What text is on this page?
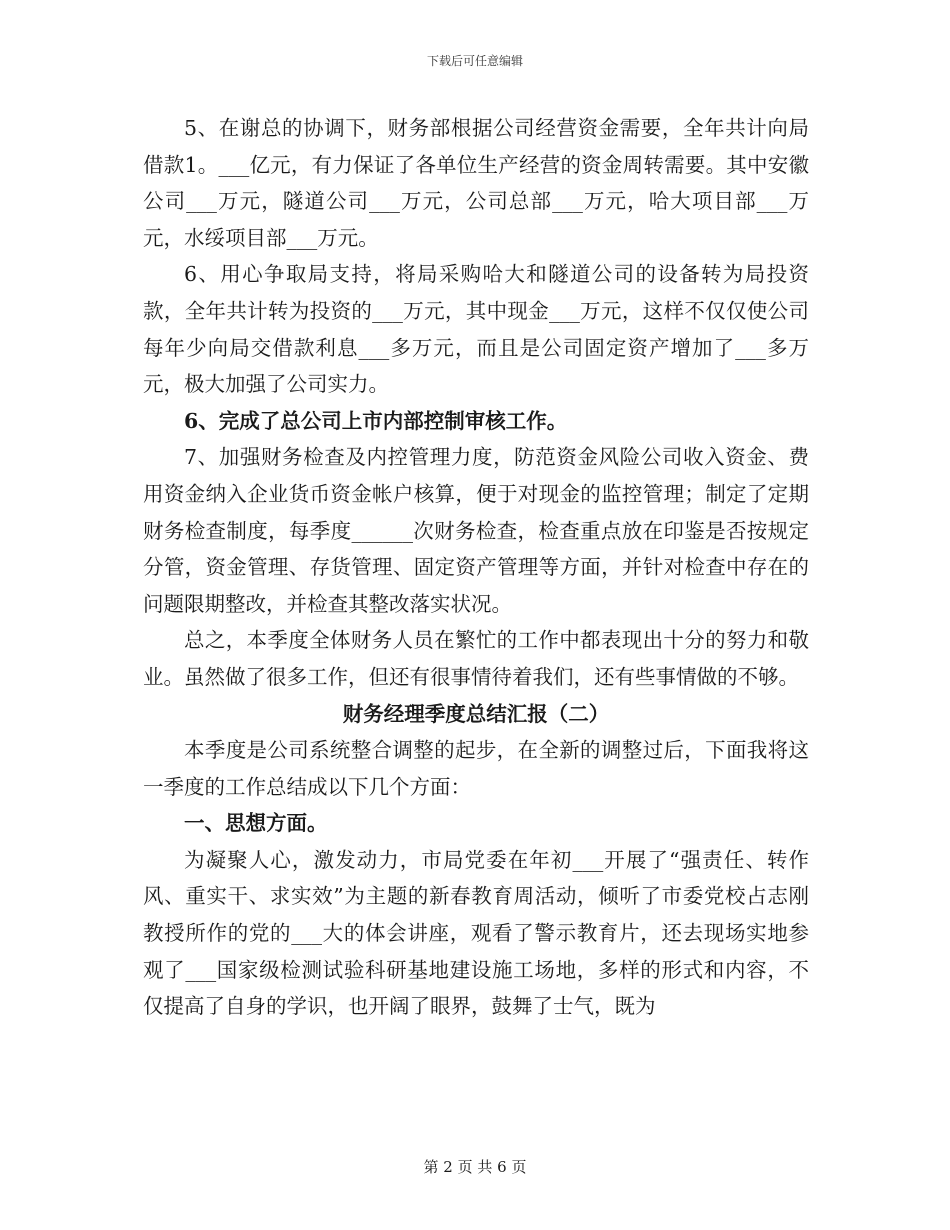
下载后可任意编辑

5、在谢总的协调下，财务部根据公司经营资金需要，全年共计向局借款1。___亿元，有力保证了各单位生产经营的资金周转需要。其中安徽公司___万元，隧道公司___万元，公司总部___万元，哈大项目部___万元，水绥项目部___万元。

6、用心争取局支持，将局采购哈大和隧道公司的设备转为局投资款，全年共计转为投资的___万元，其中现金___万元，这样不仅仅使公司每年少向局交借款利息___多万元，而且是公司固定资产增加了___多万元，极大加强了公司实力。

6、完成了总公司上市内部控制审核工作。

7、加强财务检查及内控管理力度，防范资金风险公司收入资金、费用资金纳入企业货币资金帐户核算，便于对现金的监控管理；制定了定期财务检查制度，每季度______次财务检查，检查重点放在印鉴是否按规定分管，资金管理、存货管理、固定资产管理等方面，并针对检查中存在的问题限期整改，并检查其整改落实状况。

总之，本季度全体财务人员在繁忙的工作中都表现出十分的努力和敬业。虽然做了很多工作，但还有很事情待着我们，还有些事情做的不够。

财务经理季度总结汇报（二）

本季度是公司系统整合调整的起步，在全新的调整过后，下面我将这一季度的工作总结成以下几个方面：

一、思想方面。

为凝聚人心，激发动力，市局党委在年初___开展了“强责任、转作风、重实干、求实效”为主题的新春教育周活动，倾听了市委党校占志刚教授所作的党的___大的体会讲座，观看了警示教育片，还去现场实地参观了___国家级检测试验科研基地建设施工场地，多样的形式和内容，不仅提高了自身的学识，也开阔了眼界，鼓舞了士气，既为

第 2 页 共 6 页
